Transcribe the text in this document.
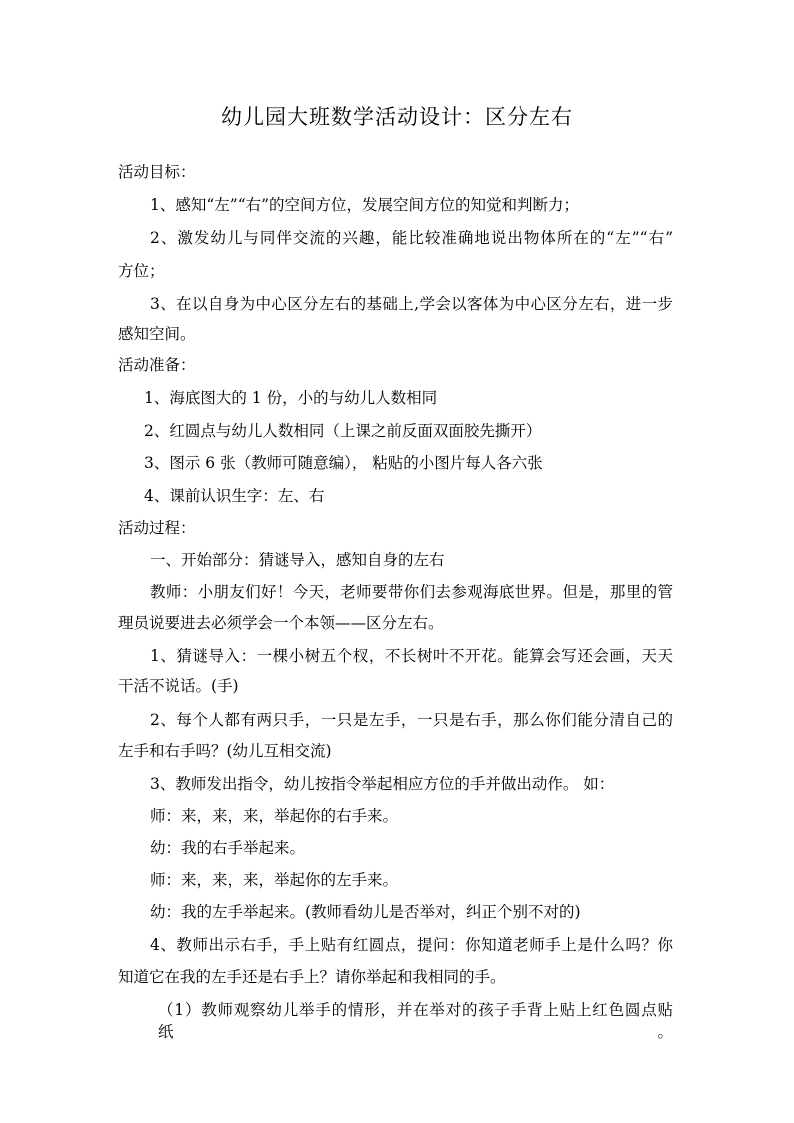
幼儿园大班数学活动设计：区分左右
活动目标：
1、感知“左”“右”的空间方位，发展空间方位的知觉和判断力；
2、激发幼儿与同伴交流的兴趣，能比较准确地说出物体所在的“左”“右”
方位；
3、在以自身为中心区分左右的基础上,学会以客体为中心区分左右，进一步
感知空间。
活动准备：
1、海底图大的 1 份，小的与幼儿人数相同
2、红圆点与幼儿人数相同（上课之前反面双面胶先撕开）
3、图示 6 张（教师可随意编）， 粘贴的小图片每人各六张
4、课前认识生字：左、右
活动过程：
一、开始部分：猜谜导入，感知自身的左右
教师：小朋友们好！今天，老师要带你们去参观海底世界。但是，那里的管
理员说要进去必须学会一个本领——区分左右。
1、猜谜导入：一棵小树五个杈，不长树叶不开花。能算会写还会画，天天
干活不说话。(手)
2、每个人都有两只手，一只是左手，一只是右手，那么你们能分清自己的
左手和右手吗？(幼儿互相交流)
3、教师发出指令，幼儿按指令举起相应方位的手并做出动作。 如：
师：来，来，来，举起你的右手来。
幼：我的右手举起来。
师：来，来，来，举起你的左手来。
幼：我的左手举起来。(教师看幼儿是否举对，纠正个别不对的)
4、教师出示右手，手上贴有红圆点，提问：你知道老师手上是什么吗？你
知道它在我的左手还是右手上？请你举起和我相同的手。
（1）教师观察幼儿举手的情形，并在举对的孩子手背上贴上红色圆点贴纸。
